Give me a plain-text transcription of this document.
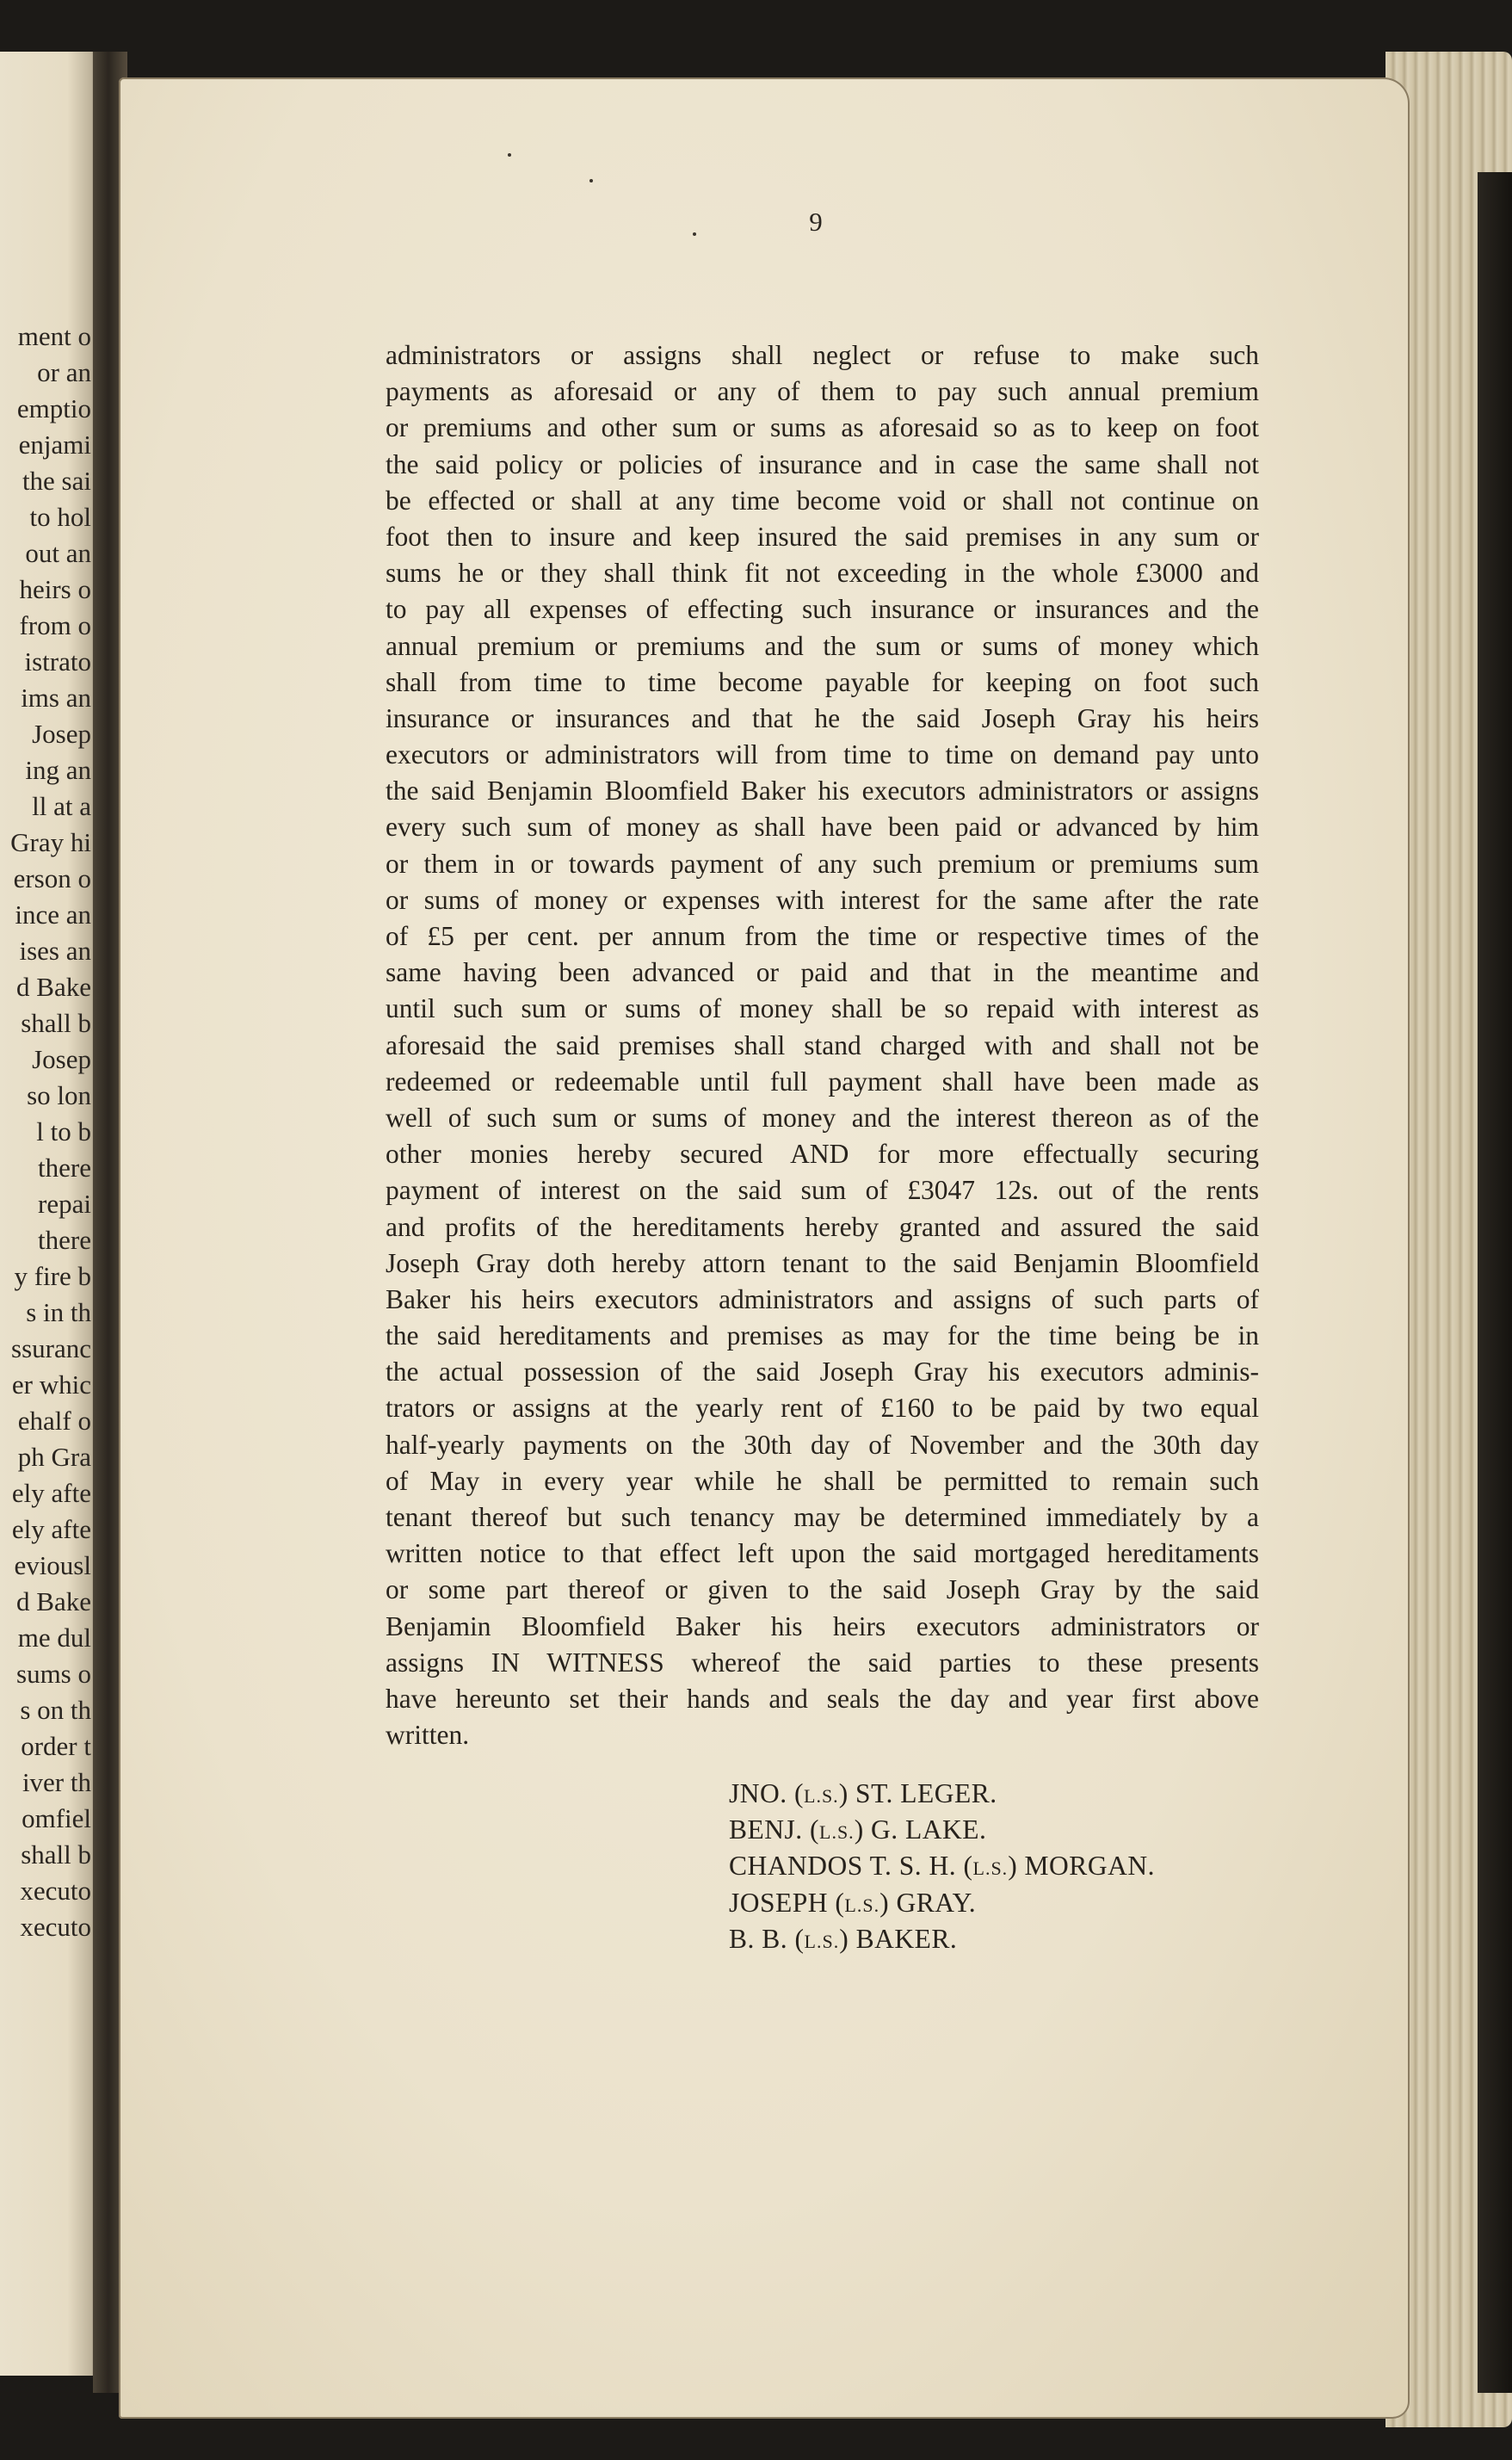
ment o
or an
emptio
enjami
the sai
to hol
out an
heirs o
from o
istrato
ims an
Josep
ing an
ll at a
Gray hi
erson o
ince an
ises an
d Bake
shall b
Josep
so lon
l to b
there
repai
there
y fire b
s in th
ssuranc
er whic
ehalf o
ph Gra
ely afte
ely afte
eviousl
d Bake
me dul
sums o
s on th
order t
iver th
omfiel
shall b
xecuto
xecuto
9
administrators or assigns shall neglect or refuse to make such
payments as aforesaid or any of them to pay such annual premium
or premiums and other sum or sums as aforesaid so as to keep on foot
the said policy or policies of insurance and in case the same shall not
be effected or shall at any time become void or shall not continue on
foot then to insure and keep insured the said premises in any sum or
sums he or they shall think fit not exceeding in the whole £3000 and
to pay all expenses of effecting such insurance or insurances and the
annual premium or premiums and the sum or sums of money which
shall from time to time become payable for keeping on foot such
insurance or insurances and that he the said Joseph Gray his heirs
executors or administrators will from time to time on demand pay unto
the said Benjamin Bloomfield Baker his executors administrators or assigns
every such sum of money as shall have been paid or advanced by him
or them in or towards payment of any such premium or premiums sum
or sums of money or expenses with interest for the same after the rate
of £5 per cent. per annum from the time or respective times of the
same having been advanced or paid and that in the meantime and
until such sum or sums of money shall be so repaid with interest as
aforesaid the said premises shall stand charged with and shall not be
redeemed or redeemable until full payment shall have been made as
well of such sum or sums of money and the interest thereon as of the
other monies hereby secured AND for more effectually securing
payment of interest on the said sum of £3047 12s. out of the rents
and profits of the hereditaments hereby granted and assured the said
Joseph Gray doth hereby attorn tenant to the said Benjamin Bloomfield
Baker his heirs executors administrators and assigns of such parts of
the said hereditaments and premises as may for the time being be in
the actual possession of the said Joseph Gray his executors adminis-
trators or assigns at the yearly rent of £160 to be paid by two equal
half-yearly payments on the 30th day of November and the 30th day
of May in every year while he shall be permitted to remain such
tenant thereof but such tenancy may be determined immediately by a
written notice to that effect left upon the said mortgaged hereditaments
or some part thereof or given to the said Joseph Gray by the said
Benjamin Bloomfield Baker his heirs executors administrators or
assigns IN WITNESS whereof the said parties to these presents
have hereunto set their hands and seals the day and year first above
written.
JNO. (L.S.) ST. LEGER.
BENJ. (L.S.) G. LAKE.
CHANDOS T. S. H. (L.S.) MORGAN.
JOSEPH (L.S.) GRAY.
B. B. (L.S.) BAKER.
